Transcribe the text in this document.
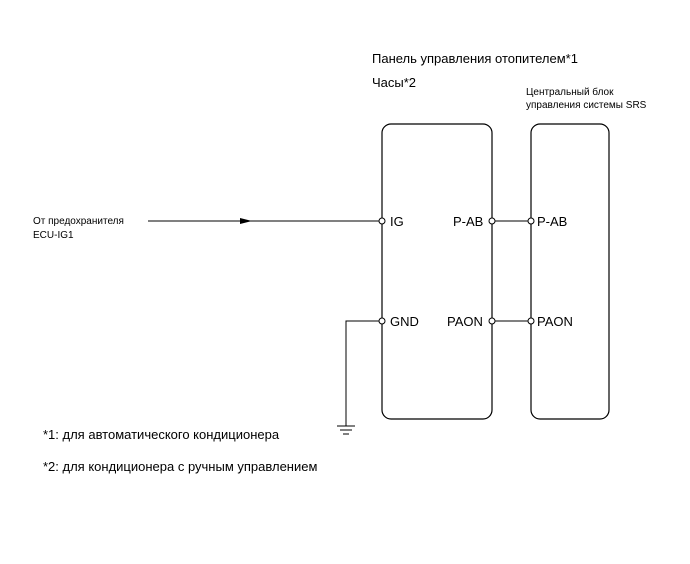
Панель управления отопителем*1
Часы*2
Центральный блок
управления системы SRS
От предохранителя
ECU-IG1
IG
GND
P-AB
PAON
P-AB
PAON
*1: для автоматического кондиционера
*2: для кондиционера с ручным управлением
